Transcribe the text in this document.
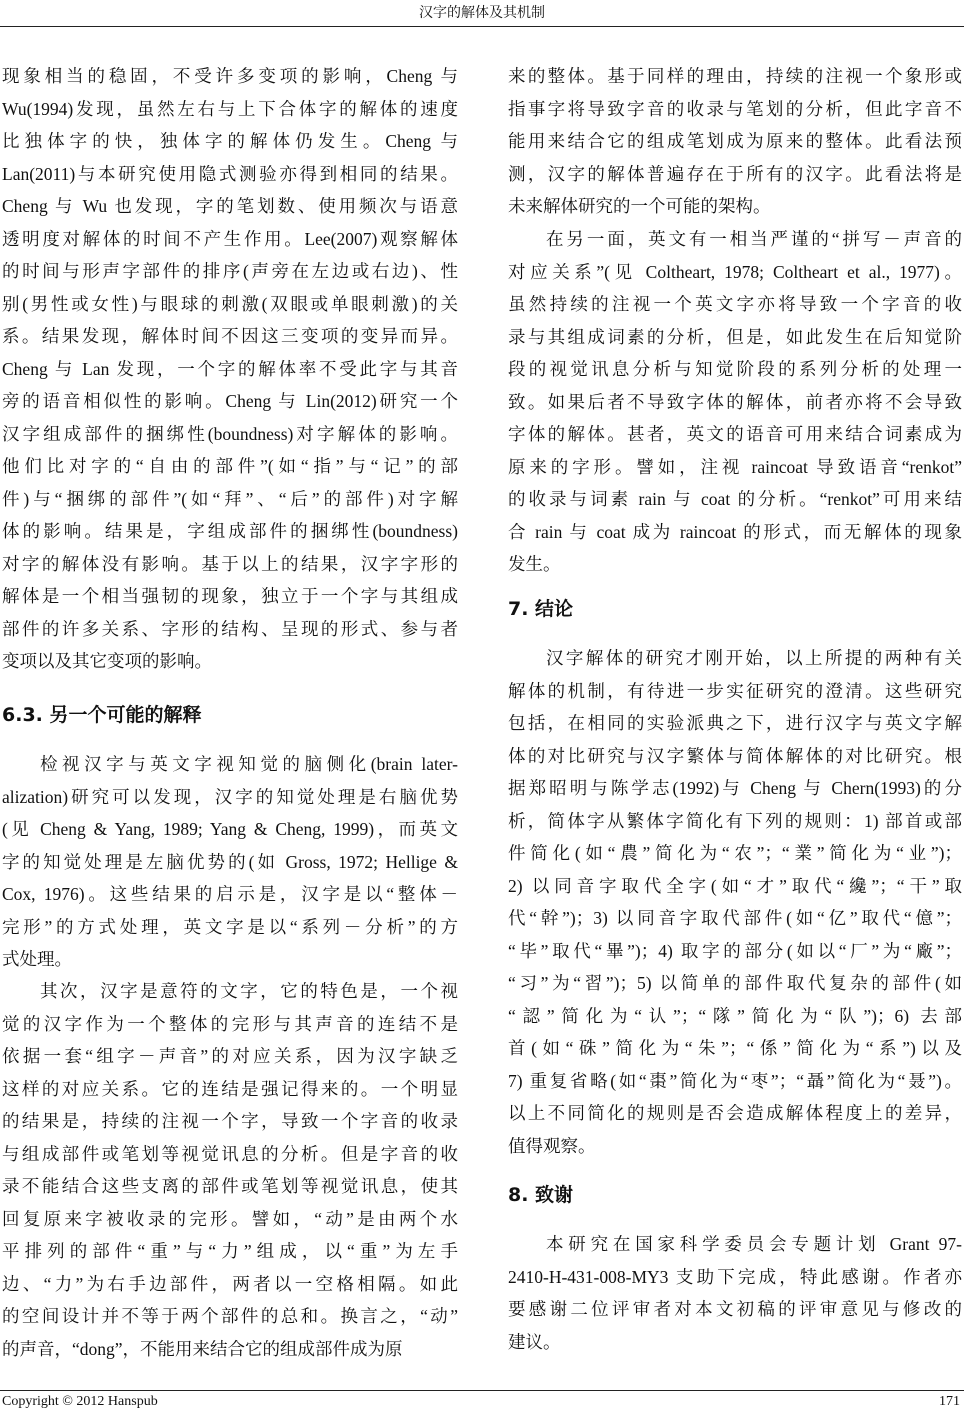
汉字的解体及其机制
现象相当的稳固，不受许多变项的影响，Cheng 与
Wu(1994)发现，虽然左右与上下合体字的解体的速度
比独体字的快，独体字的解体仍发生。Cheng 与
Lan(2011)与本研究使用隐式测验亦得到相同的结果。
Cheng 与 Wu 也发现，字的笔划数、使用频次与语意
透明度对解体的时间不产生作用。Lee(2007)观察解体
的时间与形声字部件的排序(声旁在左边或右边)、性
别(男性或女性)与眼球的刺激(双眼或单眼刺激)的关
系。结果发现，解体时间不因这三变项的变异而异。
Cheng 与 Lan 发现，一个字的解体率不受此字与其音
旁的语音相似性的影响。Cheng 与 Lin(2012)研究一个
汉字组成部件的捆绑性(boundness)对字解体的影响。
他们比对字的“自由的部件”(如“指”与“记”的部
件)与“捆绑的部件”(如“拜”、“后”的部件)对字解
体的影响。结果是，字组成部件的捆绑性(boundness)
对字的解体没有影响。基于以上的结果，汉字字形的
解体是一个相当强韧的现象，独立于一个字与其组成
部件的许多关系、字形的结构、呈现的形式、参与者
变项以及其它变项的影响。
6.3. 另一个可能的解释
检视汉字与英文字视知觉的脑侧化(brain later-
alization)研究可以发现，汉字的知觉处理是右脑优势
(见 Cheng & Yang, 1989; Yang & Cheng, 1999)，而英文
字的知觉处理是左脑优势的(如 Gross, 1972; Hellige &
Cox, 1976)。这些结果的启示是，汉字是以“整体－
完形”的方式处理，英文字是以“系列－分析”的方
式处理。
其次，汉字是意符的文字，它的特色是，一个视
觉的汉字作为一个整体的完形与其声音的连结不是
依据一套“组字－声音”的对应关系，因为汉字缺乏
这样的对应关系。它的连结是强记得来的。一个明显
的结果是，持续的注视一个字，导致一个字音的收录
与组成部件或笔划等视觉讯息的分析。但是字音的收
录不能结合这些支离的部件或笔划等视觉讯息，使其
回复原来字被收录的完形。譬如，“动”是由两个水
平排列的部件“重”与“力”组成，以“重”为左手
边、“力”为右手边部件，两者以一空格相隔。如此
的空间设计并不等于两个部件的总和。换言之，“动”
的声音，“dong”，不能用来结合它的组成部件成为原
来的整体。基于同样的理由，持续的注视一个象形或
指事字将导致字音的收录与笔划的分析，但此字音不
能用来结合它的组成笔划成为原来的整体。此看法预
测，汉字的解体普遍存在于所有的汉字。此看法将是
未来解体研究的一个可能的架构。
在另一面，英文有一相当严谨的“拼写－声音的
对应关系”(见 Coltheart, 1978; Coltheart et al., 1977)。
虽然持续的注视一个英文字亦将导致一个字音的收
录与其组成词素的分析，但是，如此发生在后知觉阶
段的视觉讯息分析与知觉阶段的系列分析的处理一
致。如果后者不导致字体的解体，前者亦将不会导致
字体的解体。甚者，英文的语音可用来结合词素成为
原来的字形。譬如，注视 raincoat 导致语音“renkot”
的收录与词素 rain 与 coat 的分析。“renkot”可用来结
合 rain 与 coat 成为 raincoat 的形式，而无解体的现象
发生。
7. 结论
汉字解体的研究才刚开始，以上所提的两种有关
解体的机制，有待进一步实征研究的澄清。这些研究
包括，在相同的实验派典之下，进行汉字与英文字解
体的对比研究与汉字繁体与简体解体的对比研究。根
据郑昭明与陈学志(1992)与 Cheng 与 Chern(1993)的分
析，简体字从繁体字简化有下列的规则：1) 部首或部
件简化(如“農”简化为“农”；“業”简化为“业”)；
2) 以同音字取代全字(如“才”取代“纔”；“干”取
代“幹”)；3) 以同音字取代部件(如“亿”取代“億”；
“毕”取代“畢”)；4) 取字的部分(如以“厂”为“廠”；
“习”为“習”)；5) 以简单的部件取代复杂的部件(如
“認”简化为“认”；“隊”简化为“队”)；6) 去部
首(如“硃”简化为“朱”；“係”简化为“系”)以及
7) 重复省略(如“棗”简化为“枣”；“聶”简化为“聂”)。
以上不同简化的规则是否会造成解体程度上的差异，
值得观察。
8. 致谢
本研究在国家科学委员会专题计划 Grant 97-
2410-H-431-008-MY3 支助下完成，特此感谢。作者亦
要感谢二位评审者对本文初稿的评审意见与修改的
建议。
Copyright © 2012 Hanspub	171
